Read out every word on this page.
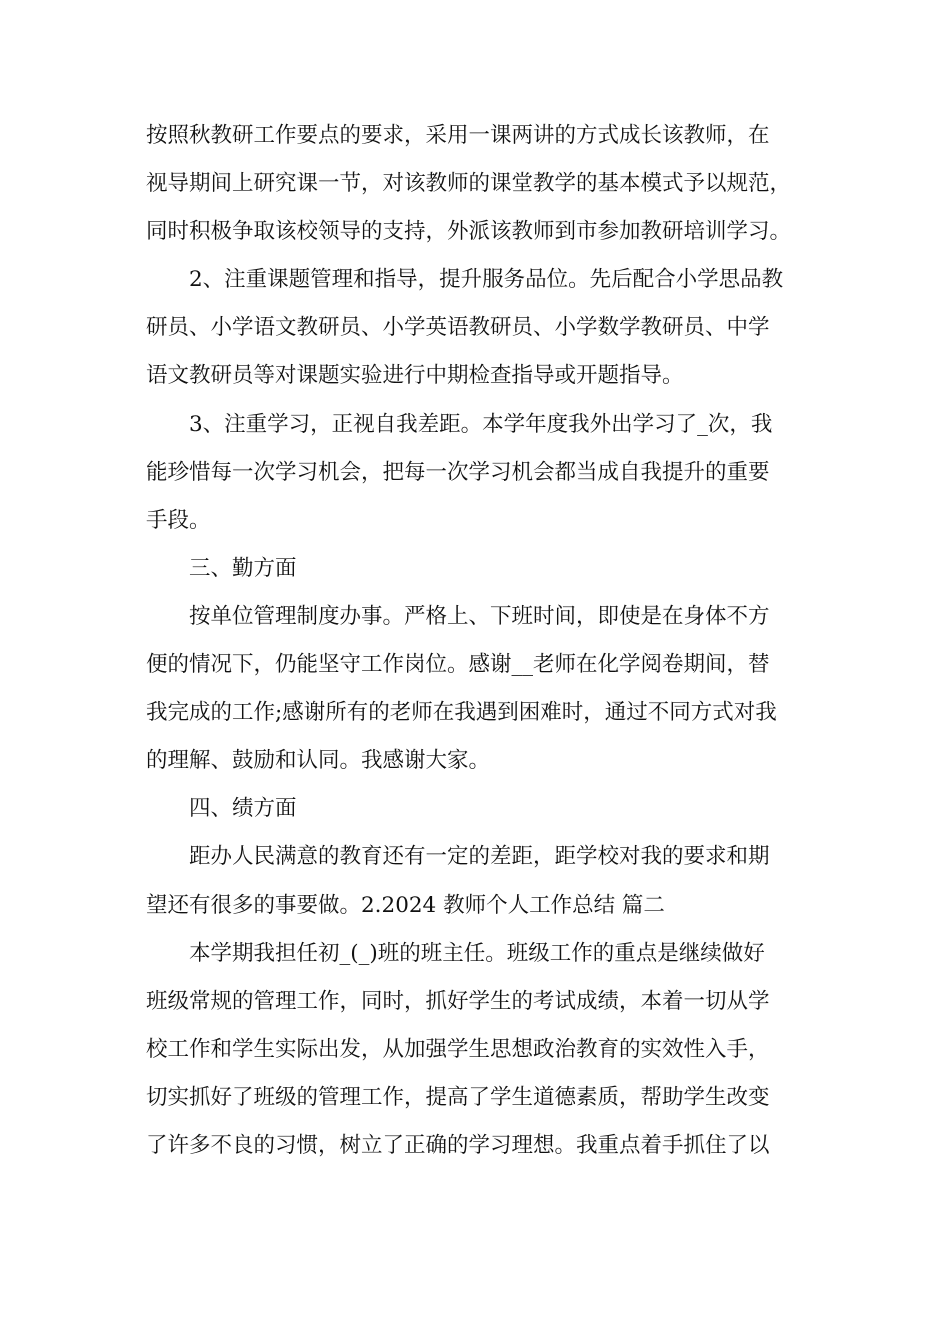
按照秋教研工作要点的要求，采用一课两讲的方式成长该教师，在
视导期间上研究课一节，对该教师的课堂教学的基本模式予以规范，
同时积极争取该校领导的支持，外派该教师到市参加教研培训学习。
2、注重课题管理和指导，提升服务品位。先后配合小学思品教
研员、小学语文教研员、小学英语教研员、小学数学教研员、中学
语文教研员等对课题实验进行中期检查指导或开题指导。
3、注重学习，正视自我差距。本学年度我外出学习了_次，我
能珍惜每一次学习机会，把每一次学习机会都当成自我提升的重要
手段。
三、勤方面
按单位管理制度办事。严格上、下班时间，即使是在身体不方
便的情况下，仍能坚守工作岗位。感谢__老师在化学阅卷期间，替
我完成的工作;感谢所有的老师在我遇到困难时，通过不同方式对我
的理解、鼓励和认同。我感谢大家。
四、绩方面
距办人民满意的教育还有一定的差距，距学校对我的要求和期
望还有很多的事要做。2.2024 教师个人工作总结 篇二
本学期我担任初_(_)班的班主任。班级工作的重点是继续做好
班级常规的管理工作，同时，抓好学生的考试成绩，本着一切从学
校工作和学生实际出发，从加强学生思想政治教育的实效性入手，
切实抓好了班级的管理工作，提高了学生道德素质，帮助学生改变
了许多不良的习惯，树立了正确的学习理想。我重点着手抓住了以
